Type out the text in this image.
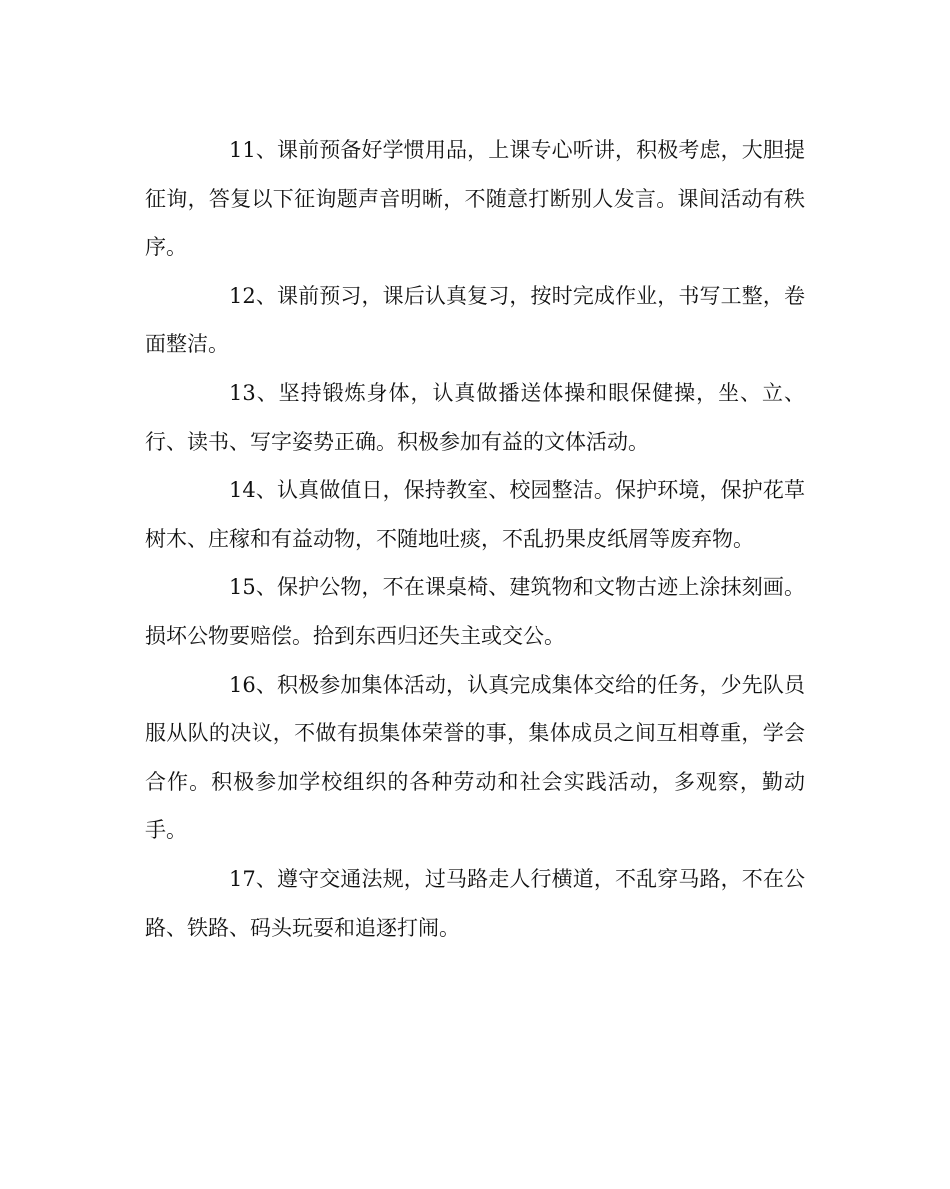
11、课前预备好学惯用品，上课专心听讲，积极考虑，大胆提征询，答复以下征询题声音明晰，不随意打断别人发言。课间活动有秩序。

12、课前预习，课后认真复习，按时完成作业，书写工整，卷面整洁。

13、坚持锻炼身体，认真做播送体操和眼保健操，坐、立、行、读书、写字姿势正确。积极参加有益的文体活动。

14、认真做值日，保持教室、校园整洁。保护环境，保护花草树木、庄稼和有益动物，不随地吐痰，不乱扔果皮纸屑等废弃物。

15、保护公物，不在课桌椅、建筑物和文物古迹上涂抹刻画。损坏公物要赔偿。拾到东西归还失主或交公。

16、积极参加集体活动，认真完成集体交给的任务，少先队员服从队的决议，不做有损集体荣誉的事，集体成员之间互相尊重，学会合作。积极参加学校组织的各种劳动和社会实践活动，多观察，勤动手。

17、遵守交通法规，过马路走人行横道，不乱穿马路，不在公路、铁路、码头玩耍和追逐打闹。
